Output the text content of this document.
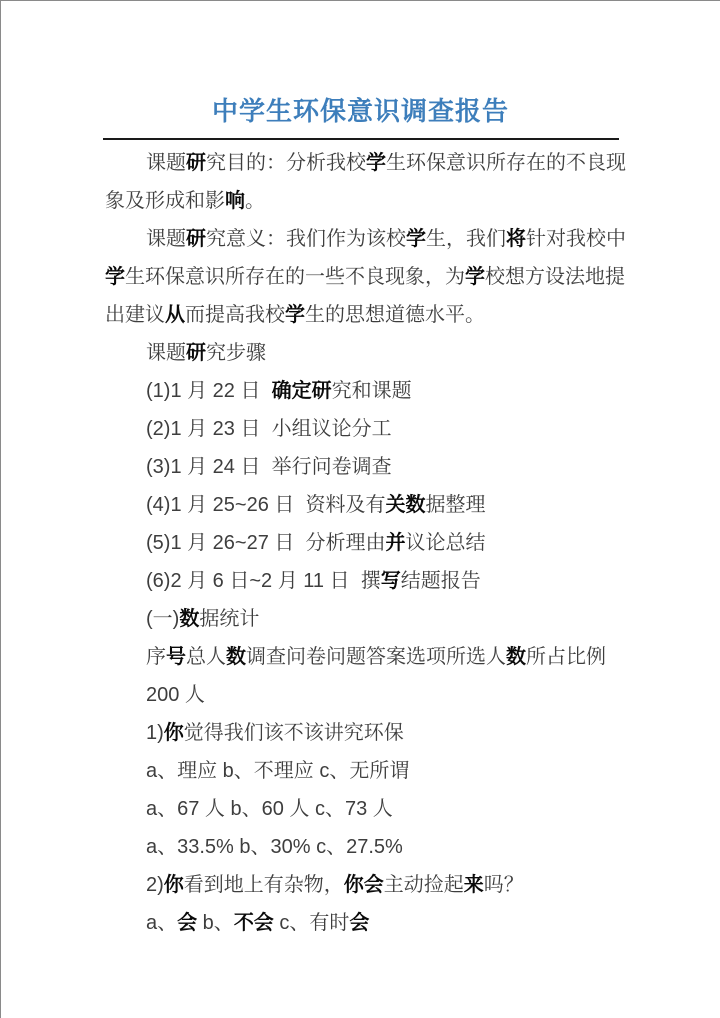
中学生环保意识调查报告
课题研究目的：分析我校学生环保意识所存在的不良现
象及形成和影响。
课题研究意义：我们作为该校学生，我们将针对我校中
学生环保意识所存在的一些不良现象，为学校想方设法地提
出建议从而提高我校学生的思想道德水平。
课题研究步骤
(1)1 月 22 日  确定研究和课题
(2)1 月 23 日  小组议论分工
(3)1 月 24 日  举行问卷调查
(4)1 月 25~26 日  资料及有关数据整理
(5)1 月 26~27 日  分析理由并议论总结
(6)2 月 6 日~2 月 11 日  撰写结题报告
(一)数据统计
序号总人数调查问卷问题答案选项所选人数所占比例
200 人
1)你觉得我们该不该讲究环保
a、理应 b、不理应 c、无所谓
a、67 人 b、60 人 c、73 人
a、33.5% b、30% c、27.5%
2)你看到地上有杂物，你会主动捡起来吗？
a、会 b、不会 c、有时会
